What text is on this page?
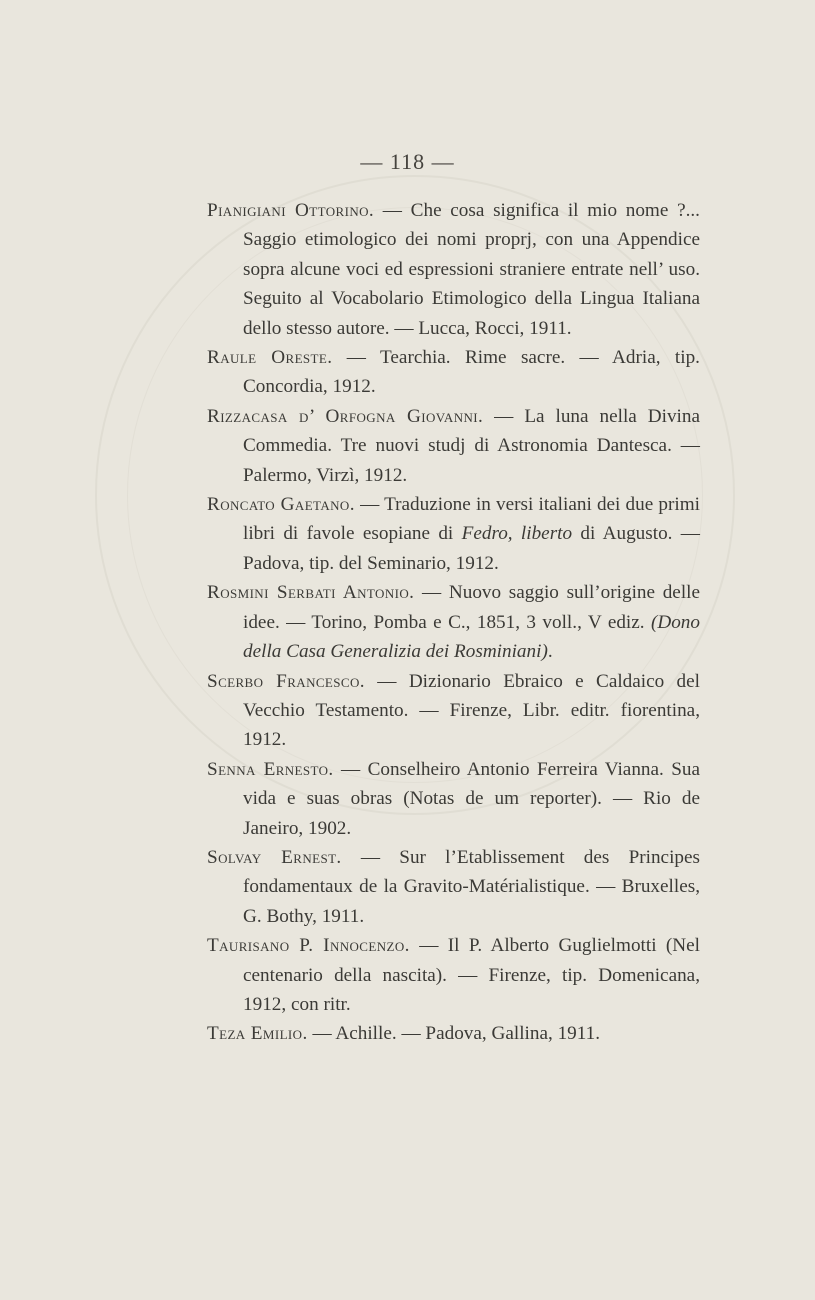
— 118 —

Pianigiani Ottorino. — Che cosa significa il mio nome ?... Saggio etimologico dei nomi proprj, con una Appendice sopra alcune voci ed espressioni straniere entrate nell’ uso. Seguito al Vocabolario Etimologico della Lingua Italiana dello stesso autore. — Lucca, Rocci, 1911.

Raule Oreste. — Tearchia. Rime sacre. — Adria, tip. Concordia, 1912.

Rizzacasa d’ Orfogna Giovanni. — La luna nella Divina Commedia. Tre nuovi studj di Astronomia Dantesca. — Palermo, Virzì, 1912.

Roncato Gaetano. — Traduzione in versi italiani dei due primi libri di favole esopiane di Fedro, liberto di Augusto. — Padova, tip. del Seminario, 1912.

Rosmini Serbati Antonio. — Nuovo saggio sull’origine delle idee. — Torino, Pomba e C., 1851, 3 voll., V ediz. (Dono della Casa Generalizia dei Rosminiani).

Scerbo Francesco. — Dizionario Ebraico e Caldaico del Vecchio Testamento. — Firenze, Libr. editr. fiorentina, 1912.

Senna Ernesto. — Conselheiro Antonio Ferreira Vianna. Sua vida e suas obras (Notas de um reporter). — Rio de Janeiro, 1902.

Solvay Ernest. — Sur l’Etablissement des Principes fondamentaux de la Gravito-Matérialistique. — Bruxelles, G. Bothy, 1911.

Taurisano P. Innocenzo. — Il P. Alberto Guglielmotti (Nel centenario della nascita). — Firenze, tip. Domenicana, 1912, con ritr.

Teza Emilio. — Achille. — Padova, Gallina, 1911.
